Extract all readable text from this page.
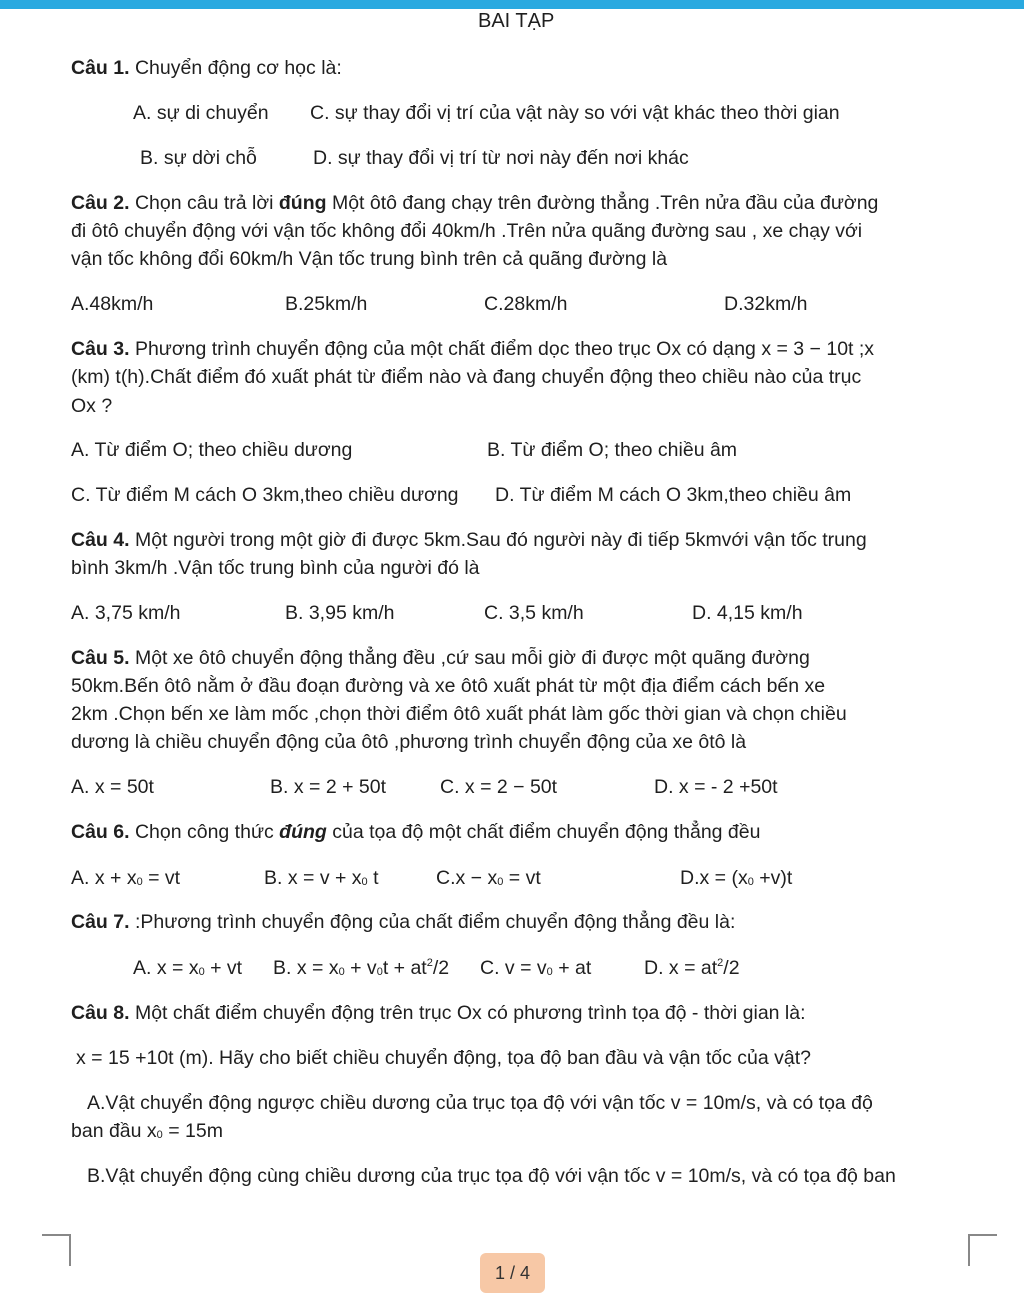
BAI TẠP
Câu 1. Chuyển động cơ học là:
A. sự di chuyển C. sự thay đổi vị trí của vật này so với vật khác theo thời gian
B. sự dời chỗ	D. sự thay đổi vị trí từ nơi này đến nơi khác
Câu 2. Chọn câu trả lời đúng Một ôtô đang chạy trên đường thẳng .Trên nửa đầu của đường
đi ôtô chuyển động với vận tốc không đổi 40km/h .Trên nửa quãng đường sau , xe chạy với
vận tốc không đổi 60km/h Vận tốc trung bình trên cả quãng đường là
A.48km/h	B.25km/h	C.28km/h	D.32km/h
Câu 3. Phương trình chuyển động của một chất điểm dọc theo trục Ox có dạng x = 3 − 10t ;x
(km) t(h).Chất điểm đó xuất phát từ điểm nào và đang chuyển động theo chiều nào của trục
Ox ?
A. Từ điểm O; theo chiều dương	B. Từ điểm O; theo chiều âm
C. Từ điểm M cách O 3km,theo chiều dương D. Từ điểm M cách O 3km,theo chiều âm
Câu 4. Một người trong một giờ đi được 5km.Sau đó người này đi tiếp 5kmvới vận tốc trung
bình 3km/h .Vận tốc trung bình của người đó là
A. 3,75 km/h	B. 3,95 km/h	C. 3,5 km/h	D. 4,15 km/h
Câu 5. Một xe ôtô chuyển động thẳng đều ,cứ sau mỗi giờ đi được một quãng đường
50km.Bến ôtô nằm ở đầu đoạn đường và xe ôtô xuất phát từ một địa điểm cách bến xe
2km .Chọn bến xe làm mốc ,chọn thời điểm ôtô xuất phát làm gốc thời gian và chọn chiều
dương là chiều chuyển động của ôtô ,phương trình chuyển động của xe ôtô là
A. x = 50t	B. x = 2 + 50t	C. x = 2 − 50t	D. x = - 2 +50t
Câu 6. Chọn công thức đúng của tọa độ một chất điểm chuyển động thẳng đều
A. $x + x_0$ = vt	B. $x = v + x_0$ t	$C.x - x_0$ = vt	$D.x = (x_0 +v)t$
Câu 7. :Phương trình chuyển động của chất điểm chuyển động thẳng đều là:
A. $x = x_0$ + vt B. $x = x_0 + v_0t + at^2/2$ C. $v = v_0$ + at	D. $x = at^2/2$
Câu 8. Một chất điểm chuyển động trên trục Ox có phương trình tọa độ - thời gian là:
x = 15 +10t (m). Hãy cho biết chiều chuyển động, tọa độ ban đầu và vận tốc của vật?
A.Vật chuyển động ngược chiều dương của trục tọa độ với vận tốc v = 10m/s, và có tọa độ
ban đầu $x_0 = 15m$
B.Vật chuyển động cùng chiều dương của trục tọa độ với vận tốc v = 10m/s, và có tọa độ ban
1 / 4
